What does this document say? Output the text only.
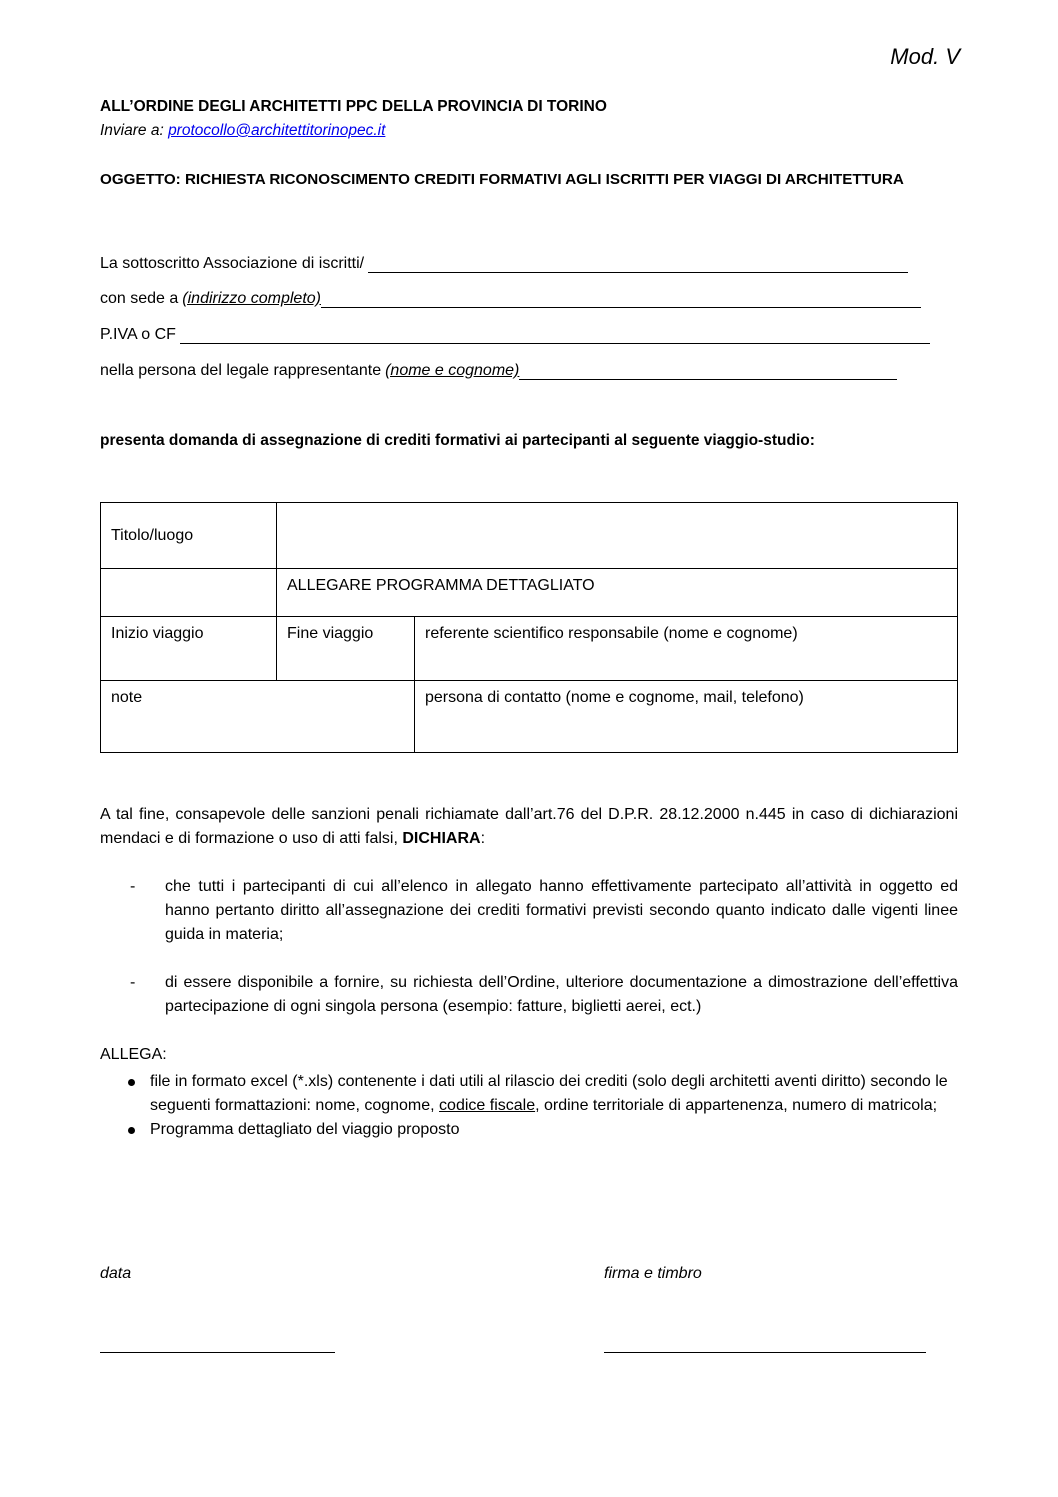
Mod. V
ALL’ORDINE DEGLI ARCHITETTI PPC DELLA PROVINCIA DI TORINO
Inviare a: protocollo@architettitorinopec.it
OGGETTO: RICHIESTA RICONOSCIMENTO CREDITI FORMATIVI AGLI ISCRITTI PER VIAGGI DI ARCHITETTURA
La sottoscritto Associazione di iscritti/
con sede a (indirizzo completo)
P.IVA o CF
nella persona del legale rappresentante (nome e cognome)
presenta domanda di assegnazione di crediti formativi ai partecipanti al seguente viaggio-studio:
Titolo/luogo		
	ALLEGARE PROGRAMMA DETTAGLIATO	
Inizio viaggio	Fine viaggio	referente scientifico responsabile (nome e cognome)
note		persona di contatto (nome e cognome, mail, telefono)
A tal fine, consapevole delle sanzioni penali richiamate dall’art.76 del D.P.R. 28.12.2000 n.445 in caso di dichiarazioni mendaci e di formazione o uso di atti falsi, DICHIARA:
-	che tutti i partecipanti di cui all’elenco in allegato hanno effettivamente partecipato all’attività in oggetto ed hanno pertanto diritto all’assegnazione dei crediti formativi previsti secondo quanto indicato dalle vigenti linee guida in materia;
-	di essere disponibile a fornire, su richiesta dell’Ordine, ulteriore documentazione a dimostrazione dell’effettiva partecipazione di ogni singola persona (esempio: fatture, biglietti aerei, ect.)
ALLEGA:
file in formato excel (*.xls) contenente i dati utili al rilascio dei crediti (solo degli architetti aventi diritto) secondo le seguenti formattazioni: nome, cognome, codice fiscale, ordine territoriale di appartenenza, numero di matricola;
Programma dettagliato del viaggio proposto
data	firma e timbro
